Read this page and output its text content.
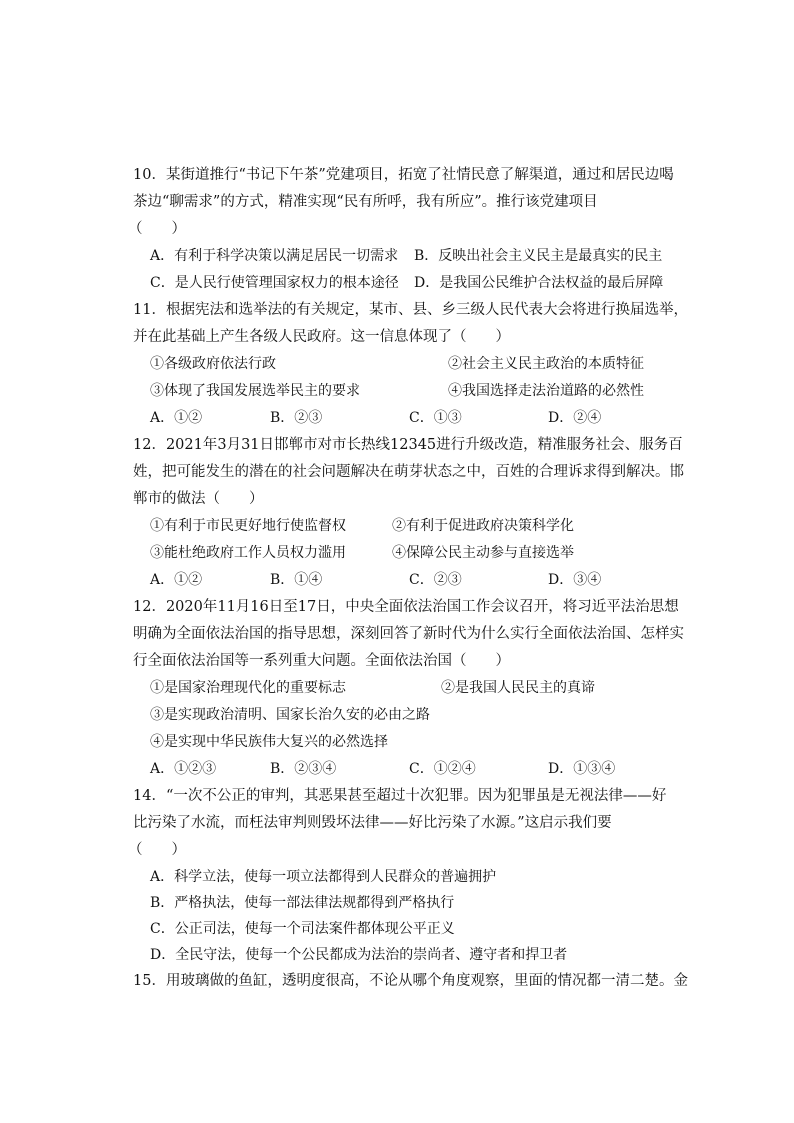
10．某街道推行“书记下午茶”党建项目，拓宽了社情民意了解渠道，通过和居民边喝
茶边“聊需求”的方式，精准实现“民有所呼，我有所应”。推行该党建项目
（　　）
A．有利于科学决策以满足居民一切需求 B．反映出社会主义民主是最真实的民主
C．是人民行使管理国家权力的根本途径 D．是我国公民维护合法权益的最后屏障
11．根据宪法和选举法的有关规定，某市、县、乡三级人民代表大会将进行换届选举，
并在此基础上产生各级人民政府。这一信息体现了（　　）
①各级政府依法行政	②社会主义民主政治的本质特征
③体现了我国发展选举民主的要求	④我国选择走法治道路的必然性
A．①②	B．②③	C．①③	D．②④
12．2021年3月31日邯郸市对市长热线12345进行升级改造，精准服务社会、服务百
姓，把可能发生的潜在的社会问题解决在萌芽状态之中，百姓的合理诉求得到解决。邯
郸市的做法（　　）
①有利于市民更好地行使监督权	②有利于促进政府决策科学化
③能杜绝政府工作人员权力滥用	④保障公民主动参与直接选举
A．①②	B．①④	C．②③	D．③④
12．2020年11月16日至17日，中央全面依法治国工作会议召开，将习近平法治思想
明确为全面依法治国的指导思想，深刻回答了新时代为什么实行全面依法治国、怎样实
行全面依法治国等一系列重大问题。全面依法治国（　　）
①是国家治理现代化的重要标志	②是我国人民民主的真谛
③是实现政治清明、国家长治久安的必由之路
④是实现中华民族伟大复兴的必然选择
A．①②③	B．②③④	C．①②④	D．①③④
14．“一次不公正的审判，其恶果甚至超过十次犯罪。因为犯罪虽是无视法律——好
比污染了水流，而枉法审判则毁坏法律——好比污染了水源。”这启示我们要
（　　）
A．科学立法，使每一项立法都得到人民群众的普遍拥护
B．严格执法，使每一部法律法规都得到严格执行
C．公正司法，使每一个司法案件都体现公平正义
D．全民守法，使每一个公民都成为法治的崇尚者、遵守者和捍卫者
15．用玻璃做的鱼缸，透明度很高，不论从哪个角度观察，里面的情况都一清二楚。金
